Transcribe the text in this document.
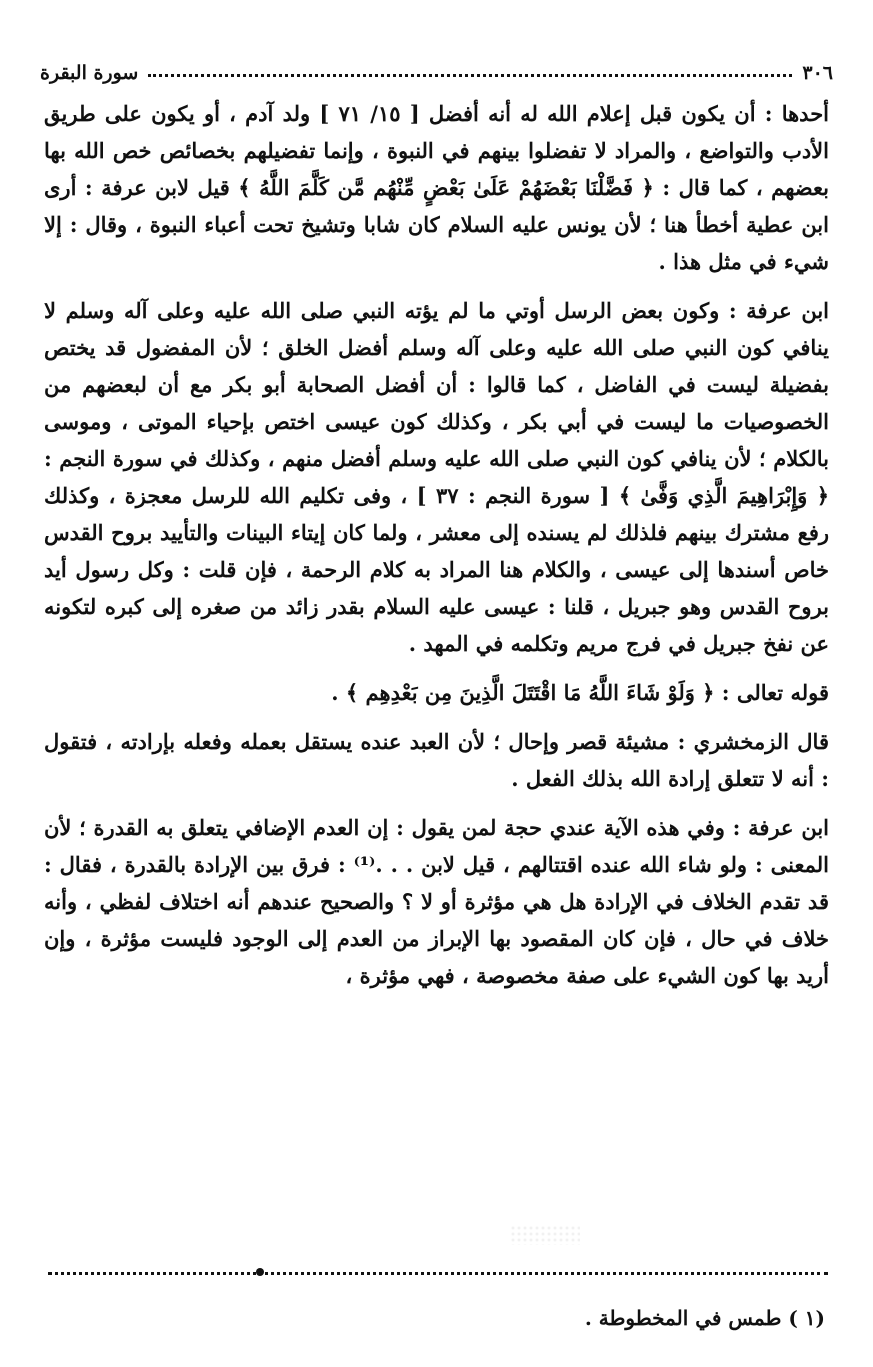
٣٠٦
سورة البقرة

أحدها : أن يكون قبل إعلام الله له أنه أفضل [ ١٥/ ٧١ ] ولد آدم ، أو يكون على طريق الأدب والتواضع ، والمراد لا تفضلوا بينهم في النبوة ، وإنما تفضيلهم بخصائص خص الله بها بعضهم ، كما قال : ﴿ فَضَّلْنَا بَعْضَهُمْ عَلَىٰ بَعْضٍ مِّنْهُم مَّن كَلَّمَ اللَّهُ ﴾ قيل لابن عرفة : أرى ابن عطية أخطأ هنا ؛ لأن يونس عليه السلام كان شابا وتشيخ تحت أعباء النبوة ، وقال : إلا شيء في مثل هذا .

ابن عرفة : وكون بعض الرسل أوتي ما لم يؤته النبي صلى الله عليه وعلى آله وسلم لا ينافي كون النبي صلى الله عليه وعلى آله وسلم أفضل الخلق ؛ لأن المفضول قد يختص بفضيلة ليست في الفاضل ، كما قالوا : أن أفضل الصحابة أبو بكر مع أن لبعضهم من الخصوصيات ما ليست في أبي بكر ، وكذلك كون عيسى اختص بإحياء الموتى ، وموسى بالكلام ؛ لأن ينافي كون النبي صلى الله عليه وسلم أفضل منهم ، وكذلك في سورة النجم : ﴿ وَإِبْرَاهِيمَ الَّذِي وَفَّىٰ ﴾ [ سورة النجم : ٣٧ ] ، وفى تكليم الله للرسل معجزة ، وكذلك رفع مشترك بينهم فلذلك لم يسنده إلى معشر ، ولما كان إيتاء البينات والتأييد بروح القدس خاص أسندها إلى عيسى ، والكلام هنا المراد به كلام الرحمة ، فإن قلت : وكل رسول أيد بروح القدس وهو جبريل ، قلنا : عيسى عليه السلام بقدر زائد من صغره إلى كبره لتكونه عن نفخ جبريل في فرج مريم وتكلمه في المهد .

قوله تعالى : ﴿ وَلَوْ شَاءَ اللَّهُ مَا اقْتَتَلَ الَّذِينَ مِن بَعْدِهِم ﴾ .

قال الزمخشري : مشيئة قصر وإحال ؛ لأن العبد عنده يستقل بعمله وفعله بإرادته ، فتقول : أنه لا تتعلق إرادة الله بذلك الفعل .

ابن عرفة : وفي هذه الآية عندي حجة لمن يقول : إن العدم الإضافي يتعلق به القدرة ؛ لأن المعنى : ولو شاء الله عنده اقتتالهم ، قيل لابن . . .⁽¹⁾ : فرق بين الإرادة بالقدرة ، فقال : قد تقدم الخلاف في الإرادة هل هي مؤثرة أو لا ؟ والصحيح عندهم أنه اختلاف لفظي ، وأنه خلاف في حال ، فإن كان المقصود بها الإبراز من العدم إلى الوجود فليست مؤثرة ، وإن أريد بها كون الشيء على صفة مخصوصة ، فهي مؤثرة ،

(١ ) طمس في المخطوطة .
